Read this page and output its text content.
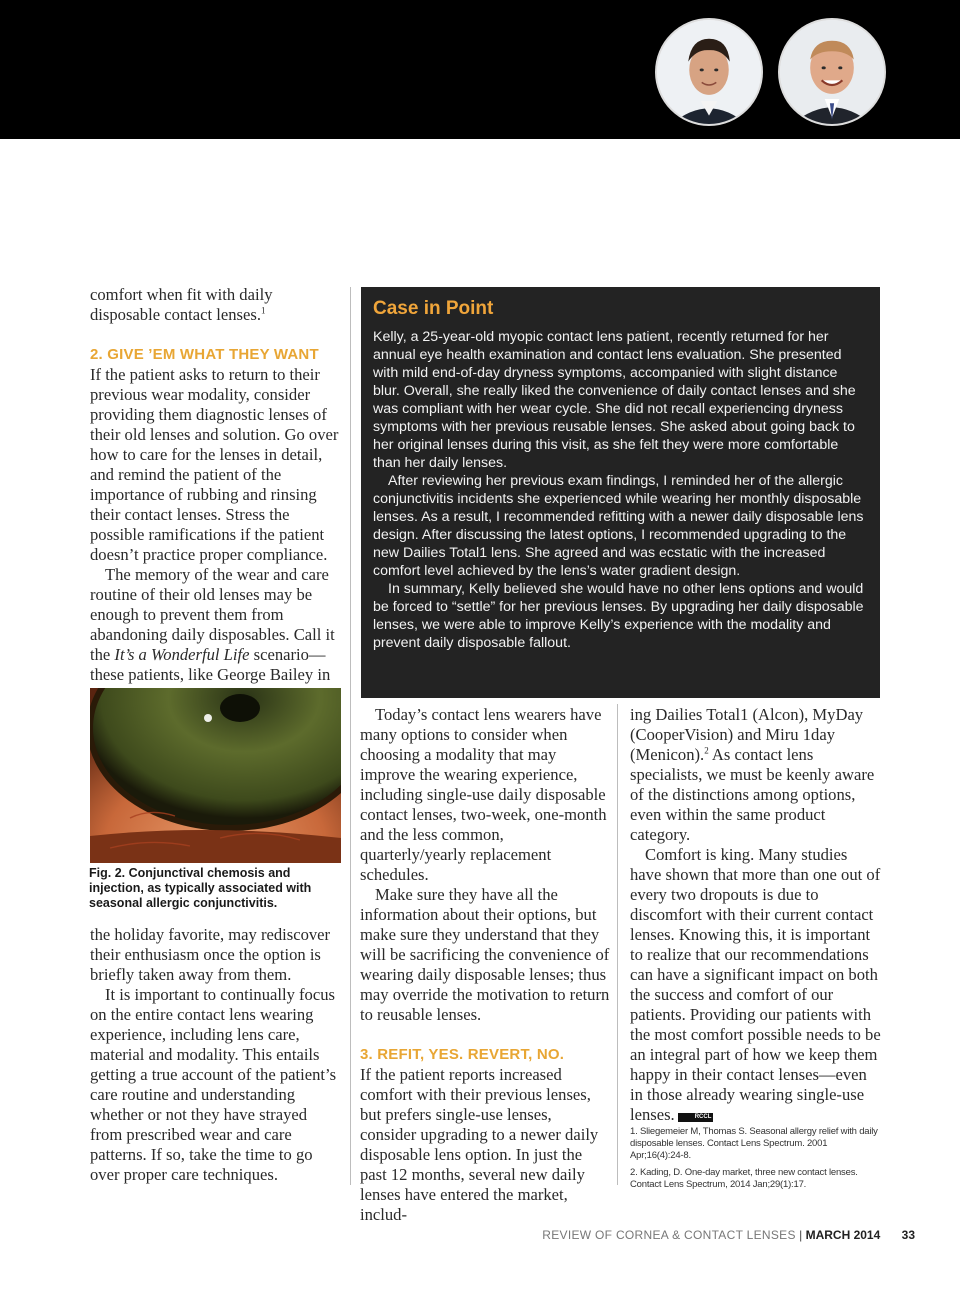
comfort when fit with daily disposable contact lenses.$^1$

2. GIVE ’EM WHAT THEY WANT

If the patient asks to return to their previous wear modality, consider providing them diagnostic lenses of their old lenses and solution. Go over how to care for the lenses in detail, and remind the patient of the importance of rubbing and rinsing their contact lenses. Stress the possible ramifications if the patient doesn’t practice proper compliance.

The memory of the wear and care routine of their old lenses may be enough to prevent them from abandoning daily disposables. Call it the It’s a Wonderful Life scenario—these patients, like George Bailey in

Fig. 2. Conjunctival chemosis and injection, as typically associated with seasonal allergic conjunctivitis.

the holiday favorite, may rediscover their enthusiasm once the option is briefly taken away from them.

It is important to continually focus on the entire contact lens wearing experience, including lens care, material and modality. This entails getting a true account of the patient’s care routine and understanding whether or not they have strayed from prescribed wear and care patterns. If so, take the time to go over proper care techniques.

Case in Point

Kelly, a 25-year-old myopic contact lens patient, recently returned for her annual eye health examination and contact lens evaluation. She presented with mild end-of-day dryness symptoms, accompanied with slight distance blur. Overall, she really liked the convenience of daily contact lenses and she was compliant with her wear cycle. She did not recall experiencing dryness symptoms with her previous reusable lenses. She asked about going back to her original lenses during this visit, as she felt they were more comfortable than her daily lenses.

After reviewing her previous exam findings, I reminded her of the allergic conjunctivitis incidents she experienced while wearing her monthly disposable lenses. As a result, I recommended refitting with a newer daily disposable lens design. After discussing the latest options, I recommended upgrading to the new Dailies Total1 lens. She agreed and was ecstatic with the increased comfort level achieved by the lens’s water gradient design.

In summary, Kelly believed she would have no other lens options and would be forced to “settle” for her previous lenses. By upgrading her daily disposable lenses, we were able to improve Kelly’s experience with the modality and prevent daily disposable fallout.

Today’s contact lens wearers have many options to consider when choosing a modality that may improve the wearing experience, including single-use daily disposable contact lenses, two-week, one-month and the less common, quarterly/yearly replacement schedules.

Make sure they have all the information about their options, but make sure they understand that they will be sacrificing the convenience of wearing daily disposable lenses; thus may override the motivation to return to reusable lenses.

3. REFIT, YES. REVERT, NO.

If the patient reports increased comfort with their previous lenses, but prefers single-use lenses, consider upgrading to a newer daily disposable lens option. In just the past 12 months, several new daily lenses have entered the market, includ-

ing Dailies Total1 (Alcon), MyDay (CooperVision) and Miru 1day (Menicon).$^2$ As contact lens specialists, we must be keenly aware of the distinctions among options, even within the same product category.

Comfort is king. Many studies have shown that more than one out of every two dropouts is due to discomfort with their current contact lenses. Knowing this, it is important to realize that our recommendations can have a significant impact on both the success and comfort of our patients. Providing our patients with the most comfort possible needs to be an integral part of how we keep them happy in their contact lenses—even in those already wearing single-use lenses.	RCCL

1. Sliegemeier M, Thomas S. Seasonal allergy relief with daily disposable lenses. Contact Lens Spectrum. 2001 Apr;16(4):24-8.

2. Kading, D. One-day market, three new contact lenses. Contact Lens Spectrum, 2014 Jan;29(1):17.

REVIEW OF CORNEA & CONTACT LENSES | MARCH 2014 33
